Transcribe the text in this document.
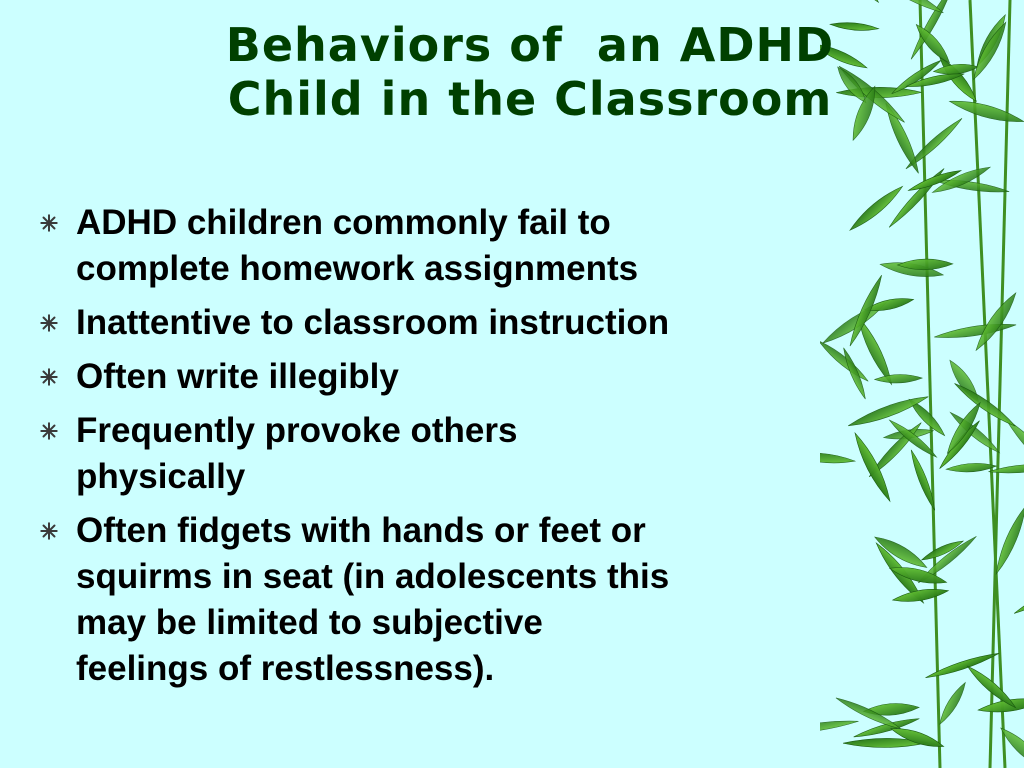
Behaviors of  an ADHD
Child in the Classroom
ADHD children commonly fail to
complete homework assignments
Inattentive to classroom instruction
Often write illegibly
Frequently provoke others
physically
Often fidgets with hands or feet or
squirms in seat (in adolescents this
may be limited to subjective
feelings of restlessness).
